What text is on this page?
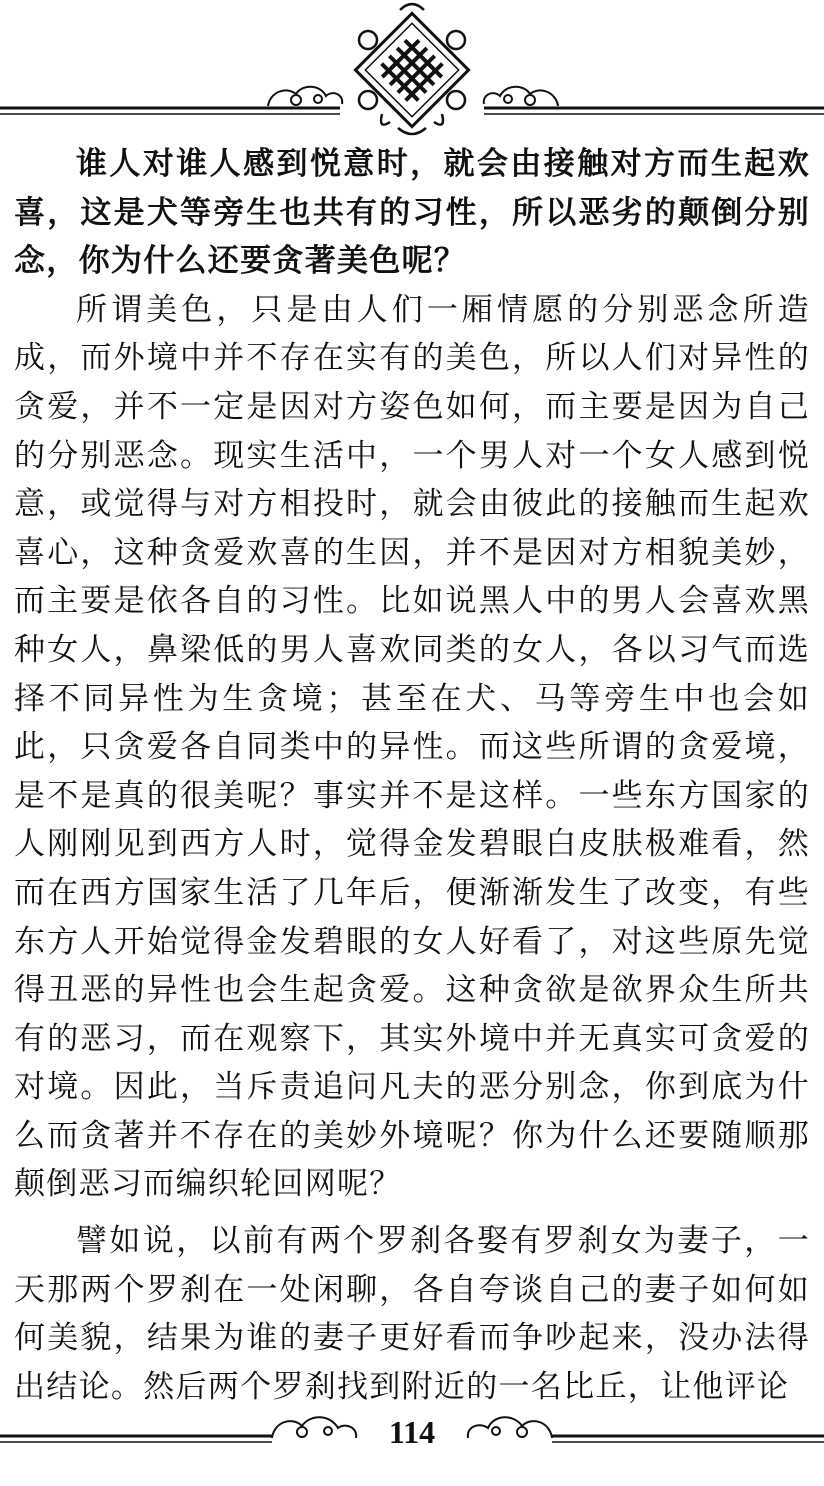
谁人对谁人感到悦意时，就会由接触对方而生起欢喜，这是犬等旁生也共有的习性，所以恶劣的颠倒分别念，你为什么还要贪著美色呢？

所谓美色，只是由人们一厢情愿的分别恶念所造成，而外境中并不存在实有的美色，所以人们对异性的贪爱，并不一定是因对方姿色如何，而主要是因为自己的分别恶念。现实生活中，一个男人对一个女人感到悦意，或觉得与对方相投时，就会由彼此的接触而生起欢喜心，这种贪爱欢喜的生因，并不是因对方相貌美妙，而主要是依各自的习性。比如说黑人中的男人会喜欢黑种女人，鼻梁低的男人喜欢同类的女人，各以习气而选择不同异性为生贪境；甚至在犬、马等旁生中也会如此，只贪爱各自同类中的异性。而这些所谓的贪爱境，是不是真的很美呢？事实并不是这样。一些东方国家的人刚刚见到西方人时，觉得金发碧眼白皮肤极难看，然而在西方国家生活了几年后，便渐渐发生了改变，有些东方人开始觉得金发碧眼的女人好看了，对这些原先觉得丑恶的异性也会生起贪爱。这种贪欲是欲界众生所共有的恶习，而在观察下，其实外境中并无真实可贪爱的对境。因此，当斥责追问凡夫的恶分别念，你到底为什么而贪著并不存在的美妙外境呢？你为什么还要随顺那颠倒恶习而编织轮回网呢？

譬如说，以前有两个罗刹各娶有罗刹女为妻子，一天那两个罗刹在一处闲聊，各自夸谈自己的妻子如何如何美貌，结果为谁的妻子更好看而争吵起来，没办法得出结论。然后两个罗刹找到附近的一名比丘，让他评论

114
